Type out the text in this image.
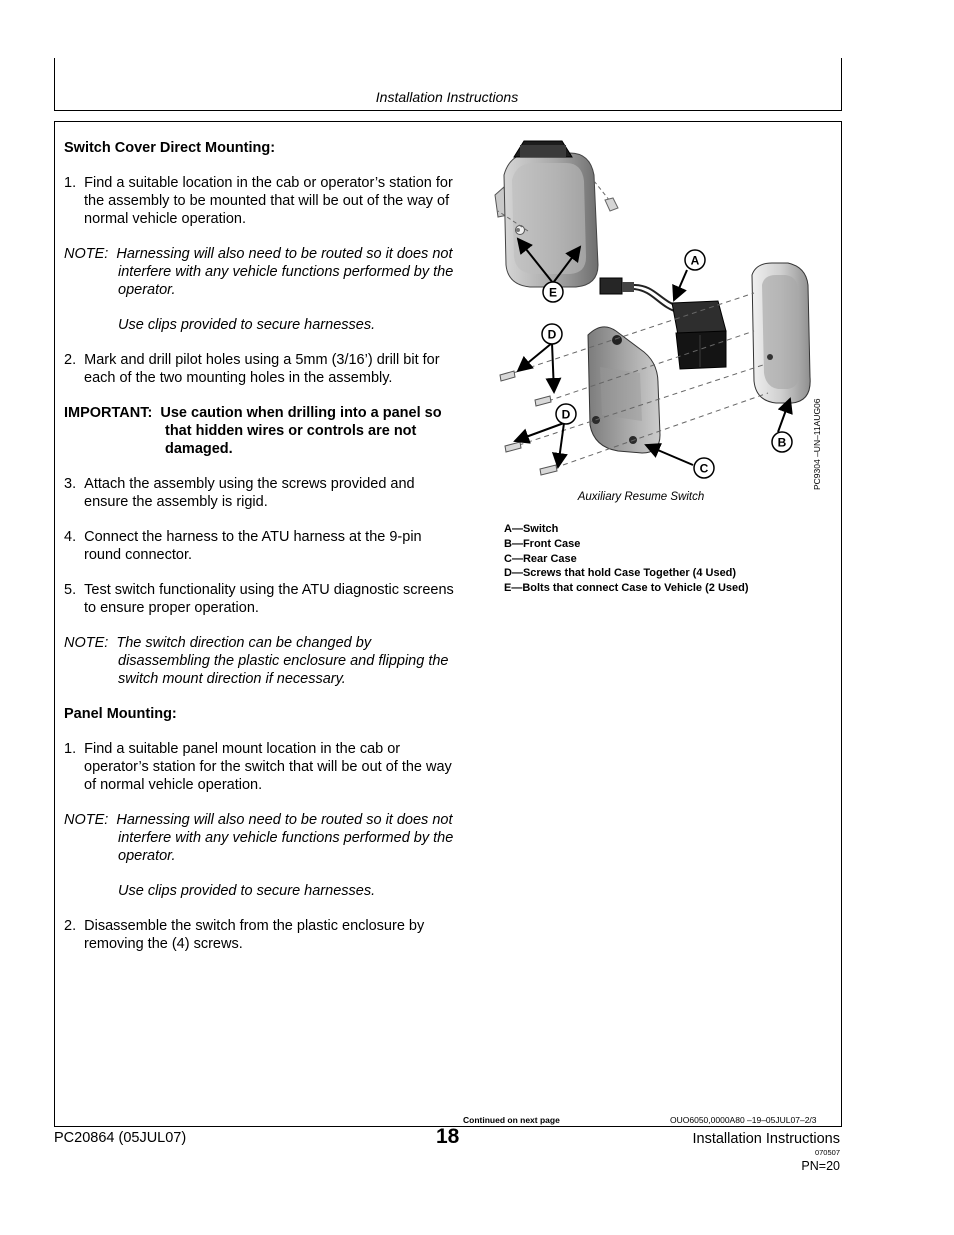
Installation Instructions

Switch Cover Direct Mounting:

1.  Find a suitable location in the cab or operator’s station for the assembly to be mounted that will be out of the way of normal vehicle operation.

NOTE:  Harnessing will also need to be routed so it does not interfere with any vehicle functions performed by the operator.

Use clips provided to secure harnesses.

2.  Mark and drill pilot holes using a 5mm (3/16’) drill bit for each of the two mounting holes in the assembly.

IMPORTANT:  Use caution when drilling into a panel so that hidden wires or controls are not damaged.

3.  Attach the assembly using the screws provided and ensure the assembly is rigid.

4.  Connect the harness to the ATU harness at the 9-pin round connector.

5.  Test switch functionality using the ATU diagnostic screens to ensure proper operation.

NOTE:  The switch direction can be changed by disassembling the plastic enclosure and flipping the switch mount direction if necessary.

Panel Mounting:

1.  Find a suitable panel mount location in the cab or operator’s station for the switch that will be out of the way of normal vehicle operation.

NOTE:  Harnessing will also need to be routed so it does not interfere with any vehicle functions performed by the operator.

Use clips provided to secure harnesses.

2.  Disassemble the switch from the plastic enclosure by removing the (4) screws.

A
E
D
D
B
C	PC9304 –UN–11AUG06
Auxiliary Resume Switch
A—Switch
B—Front Case
C—Rear Case
D—Screws that hold Case Together (4 Used)
E—Bolts that connect Case to Vehicle (2 Used)
Continued on next page	OUO6050,0000A80 –19–05JUL07–2/3
PC20864 (05JUL07)	18	Installation Instructions
070507
PN=20
